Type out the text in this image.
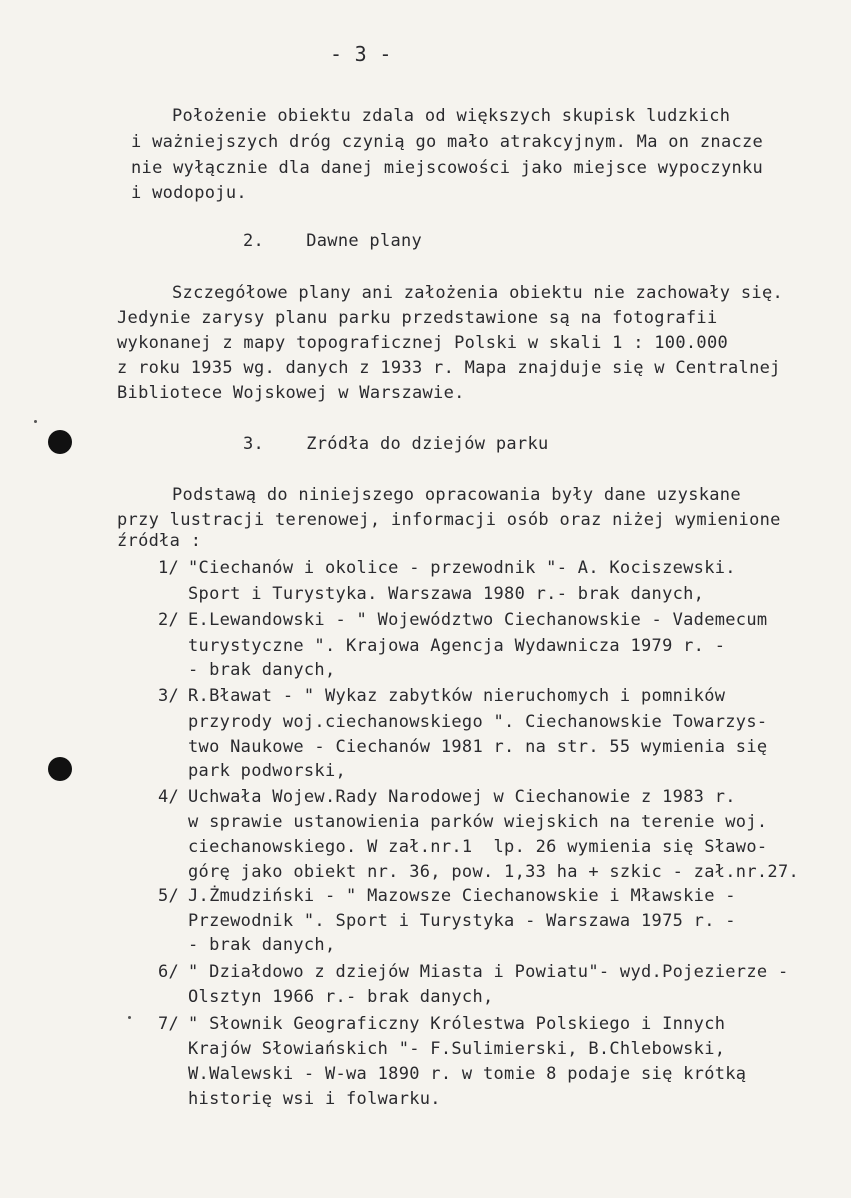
- 3 -
Położenie obiektu zdala od większych skupisk ludzkich
i ważniejszych dróg czynią go mało atrakcyjnym. Ma on znacze
nie wyłącznie dla danej miejscowości jako miejsce wypoczynku
i wodopoju.
2.    Dawne plany
Szczegółowe plany ani założenia obiektu nie zachowały się.
Jedynie zarysy planu parku przedstawione są na fotografii
wykonanej z mapy topograficznej Polski w skali 1 : 100.000
z roku 1935 wg. danych z 1933 r. Mapa znajduje się w Centralnej
Bibliotece Wojskowej w Warszawie.
3.    Zródła do dziejów parku
Podstawą do niniejszego opracowania były dane uzyskane
przy lustracji terenowej, informacji osób oraz niżej wymienione
źródła :
1/ "Ciechanów i okolice - przewodnik "- A. Kociszewski.
Sport i Turystyka. Warszawa 1980 r.- brak danych,
2/ E.Lewandowski - " Województwo Ciechanowskie - Vademecum
turystyczne ". Krajowa Agencja Wydawnicza 1979 r. -
- brak danych,
3/ R.Bławat - " Wykaz zabytków nieruchomych i pomników
przyrody woj.ciechanowskiego ". Ciechanowskie Towarzys-
two Naukowe - Ciechanów 1981 r. na str. 55 wymienia się
park podworski,
4/ Uchwała Wojew.Rady Narodowej w Ciechanowie z 1983 r.
w sprawie ustanowienia parków wiejskich na terenie woj.
ciechanowskiego. W zał.nr.1  lp. 26 wymienia się Sławo-
górę jako obiekt nr. 36, pow. 1,33 ha + szkic - zał.nr.27.
5/ J.Żmudziński - " Mazowsze Ciechanowskie i Mławskie -
Przewodnik ". Sport i Turystyka - Warszawa 1975 r. -
- brak danych,
6/ " Działdowo z dziejów Miasta i Powiatu"- wyd.Pojezierze -
Olsztyn 1966 r.- brak danych,
7/ " Słownik Geograficzny Królestwa Polskiego i Innych
Krajów Słowiańskich "- F.Sulimierski, B.Chlebowski,
W.Walewski - W-wa 1890 r. w tomie 8 podaje się krótką
historię wsi i folwarku.
